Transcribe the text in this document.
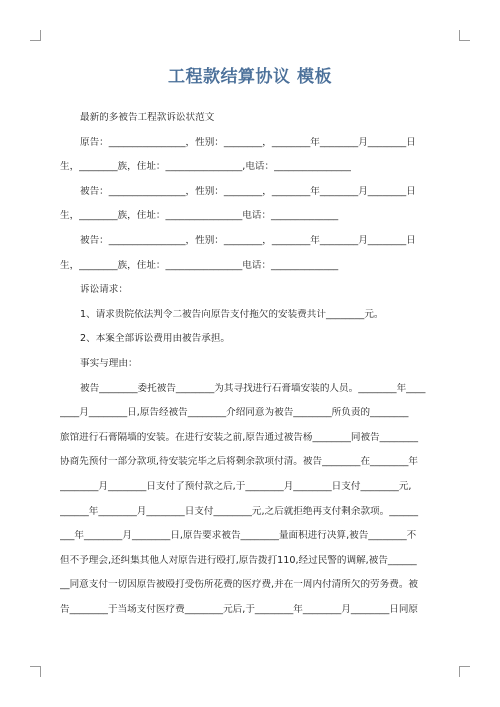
工程款结算协议 模板
最新的多被告工程款诉讼状范文
原告：________________，性别：________，________年________月________日
生，________族，住址：________________,电话：________________
被告：________________，性别：________，________年________月________日
生，________族，住址：________________电话：______________
被告：________________，性别：________，________年________月________日
生，________族，住址：________________电话：______________
诉讼请求：
1、请求贵院依法判令二被告向原告支付拖欠的安装费共计________元。
2、本案全部诉讼费用由被告承担。
事实与理由：
被告________委托被告________为其寻找进行石膏墙安装的人员。________年____
____月________日,原告经被告________介绍同意为被告________所负责的________
旅馆进行石膏隔墙的安装。在进行安装之前,原告通过被告杨________同被告________
协商先预付一部分款项,待安装完毕之后将剩余款项付清。被告________在________年
________月________日支付了预付款之后,于________月________日支付________元,
______年________月________日支付________元,之后就拒绝再支付剩余款项。______
___年________月________日,原告要求被告________量面积进行决算,被告________不
但不予理会,还纠集其他人对原告进行殴打,原告拨打110,经过民警的调解,被告______
__同意支付一切因原告被殴打受伤所花费的医疗费,并在一周内付清所欠的劳务费。被
告________于当场支付医疗费________元后,于________年________月________日同原
